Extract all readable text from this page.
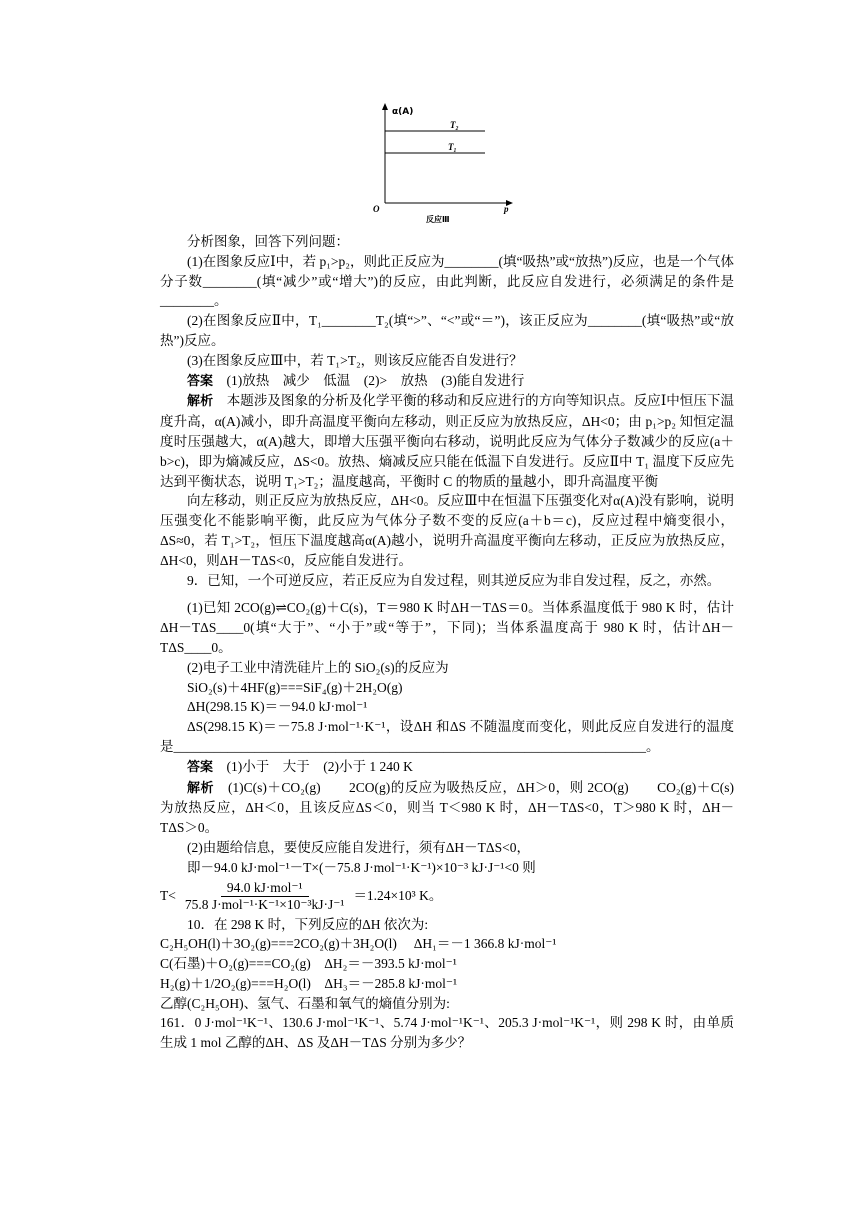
α(A)
T₂
T₁
O	p
反应Ⅲ

分析图象，回答下列问题：

(1)在图象反应Ⅰ中，若 p₁>p₂，则此正反应为________(填“吸热”或“放热”)反应，也是一个气体分子数________(填“减少”或“增大”)的反应，由此判断，此反应自发进行，必须满足的条件是________。

(2)在图象反应Ⅱ中，T₁________T₂(填“>”、“<”或“＝”)，该正反应为________(填“吸热”或“放热”)反应。

(3)在图象反应Ⅲ中，若 T₁>T₂，则该反应能否自发进行？

答案　 (1)放热　减少　低温　(2)>　放热　(3)能自发进行

解析　 本题涉及图象的分析及化学平衡的移动和反应进行的方向等知识点。反应Ⅰ中恒压下温度升高，α(A)减小，即升高温度平衡向左移动，则正反应为放热反应，ΔH<0；由 p₁>p₂ 知恒定温度时压强越大，α(A)越大，即增大压强平衡向右移动，说明此反应为气体分子数减少的反应(a＋b>c)，即为熵减反应，ΔS<0。放热、熵减反应只能在低温下自发进行。反应Ⅱ中 T₁ 温度下反应先达到平衡状态，说明 T₁>T₂；温度越高，平衡时 C 的物质的量越小，即升高温度平衡

向左移动，则正反应为放热反应，ΔH<0。反应Ⅲ中在恒温下压强变化对α(A)没有影响，说明压强变化不能影响平衡，此反应为气体分子数不变的反应(a＋b＝c)，反应过程中熵变很小，ΔS≈0，若 T₁>T₂，恒压下温度越高α(A)越小，说明升高温度平衡向左移动，正反应为放热反应，ΔH<0，则ΔH－TΔS<0，反应能自发进行。

9．已知，一个可逆反应，若正反应为自发过程，则其逆反应为非自发过程，反之，亦然。

(1)已知 2CO(g)⇌CO₂(g)＋C(s)，T＝980 K 时ΔH－TΔS＝0。当体系温度低于 980 K 时，估计ΔH－TΔS____0(填“大于”、“小于”或“等于”，下同)；当体系温度高于 980 K 时，估计ΔH－TΔS____0。

(2)电子工业中清洗硅片上的 SiO₂(s)的反应为

SiO₂(s)＋4HF(g)===SiF₄(g)＋2H₂O(g)

ΔH(298.15 K)＝－94.0 kJ·mol⁻¹

ΔS(298.15 K)＝－75.8 J·mol⁻¹·K⁻¹，设ΔH 和ΔS 不随温度而变化，则此反应自发进行的温度是______________________________________________________________________。

答案　 (1)小于　大于　(2)小于 1 240 K

解析　 (1)C(s)＋CO₂(g)　　2CO(g)的反应为吸热反应，ΔH＞0，则 2CO(g)　　CO₂(g)＋C(s)为放热反应，ΔH＜0，且该反应ΔS＜0，则当 T＜980 K 时，ΔH－TΔS<0，T＞980 K 时，ΔH－TΔS＞0。

(2)由题给信息，要使反应能自发进行，须有ΔH－TΔS<0，

即－94.0 kJ·mol⁻¹－T×(－75.8 J·mol⁻¹·K⁻¹)×10⁻³ kJ·J⁻¹<0 则

$T< \frac{\text{94.0 kJ·mol⁻¹}}{\text{75.8 J·mol⁻¹·K⁻¹×10⁻³kJ·J⁻¹}} =1.24\times 10^3$ K。

10．在 298 K 时，下列反应的ΔH 依次为:

C₂H₅OH(l)＋3O₂(g)===2CO₂(g)＋3H₂O(l)　 ΔH₁＝－1 366.8 kJ·mol⁻¹

C(石墨)＋O₂(g)===CO₂(g)　ΔH₂＝－393.5 kJ·mol⁻¹

H₂(g)＋1/2O₂(g)===H₂O(l)　ΔH₃＝－285.8 kJ·mol⁻¹

乙醇(C₂H₅OH)、氢气、石墨和氧气的熵值分别为:

161．0 J·mol⁻¹K⁻¹、130.6 J·mol⁻¹K⁻¹、5.74 J·mol⁻¹K⁻¹、205.3 J·mol⁻¹K⁻¹，则 298 K 时，由单质生成 1 mol 乙醇的ΔH、ΔS 及ΔH－TΔS 分别为多少？
